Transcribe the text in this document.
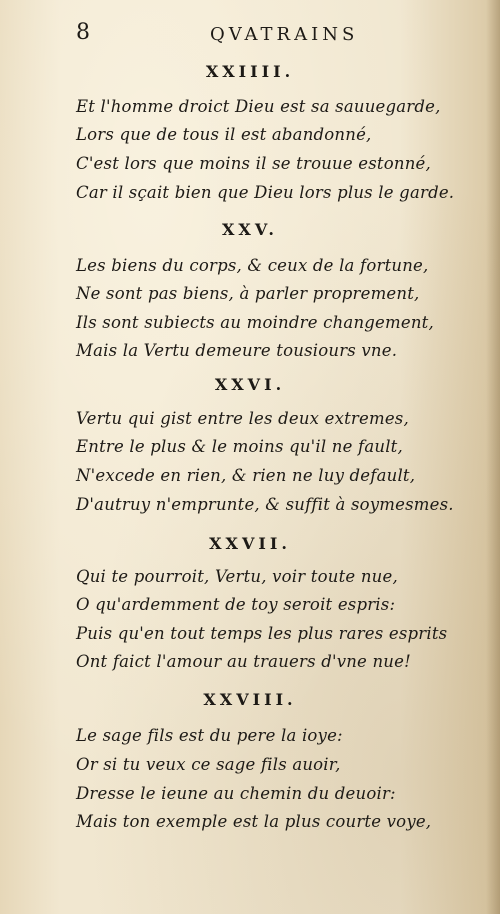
8	QVATRAINS
XXIIII.
Et l'homme droict Dieu est sa sauuegarde,
Lors que de tous il est abandonné,
C'est lors que moins il se trouue estonné,
Car il sçait bien que Dieu lors plus le garde.
XXV.
Les biens du corps, & ceux de la fortune,
Ne sont pas biens, à parler proprement,
Ils sont subiects au moindre changement,
Mais la Vertu demeure tousiours vne.
XXVI.
Vertu qui gist entre les deux extremes,
Entre le plus & le moins qu'il ne fault,
N'excede en rien, & rien ne luy default,
D'autruy n'emprunte, & suffit à soymesmes.
XXVII.
Qui te pourroit, Vertu, voir toute nue,
O qu'ardemment de toy seroit espris:
Puis qu'en tout temps les plus rares esprits
Ont faict l'amour au trauers d'vne nue!
XXVIII.
Le sage fils est du pere la ioye:
Or si tu veux ce sage fils auoir,
Dresse le ieune au chemin du deuoir:
Mais ton exemple est la plus courte voye,
